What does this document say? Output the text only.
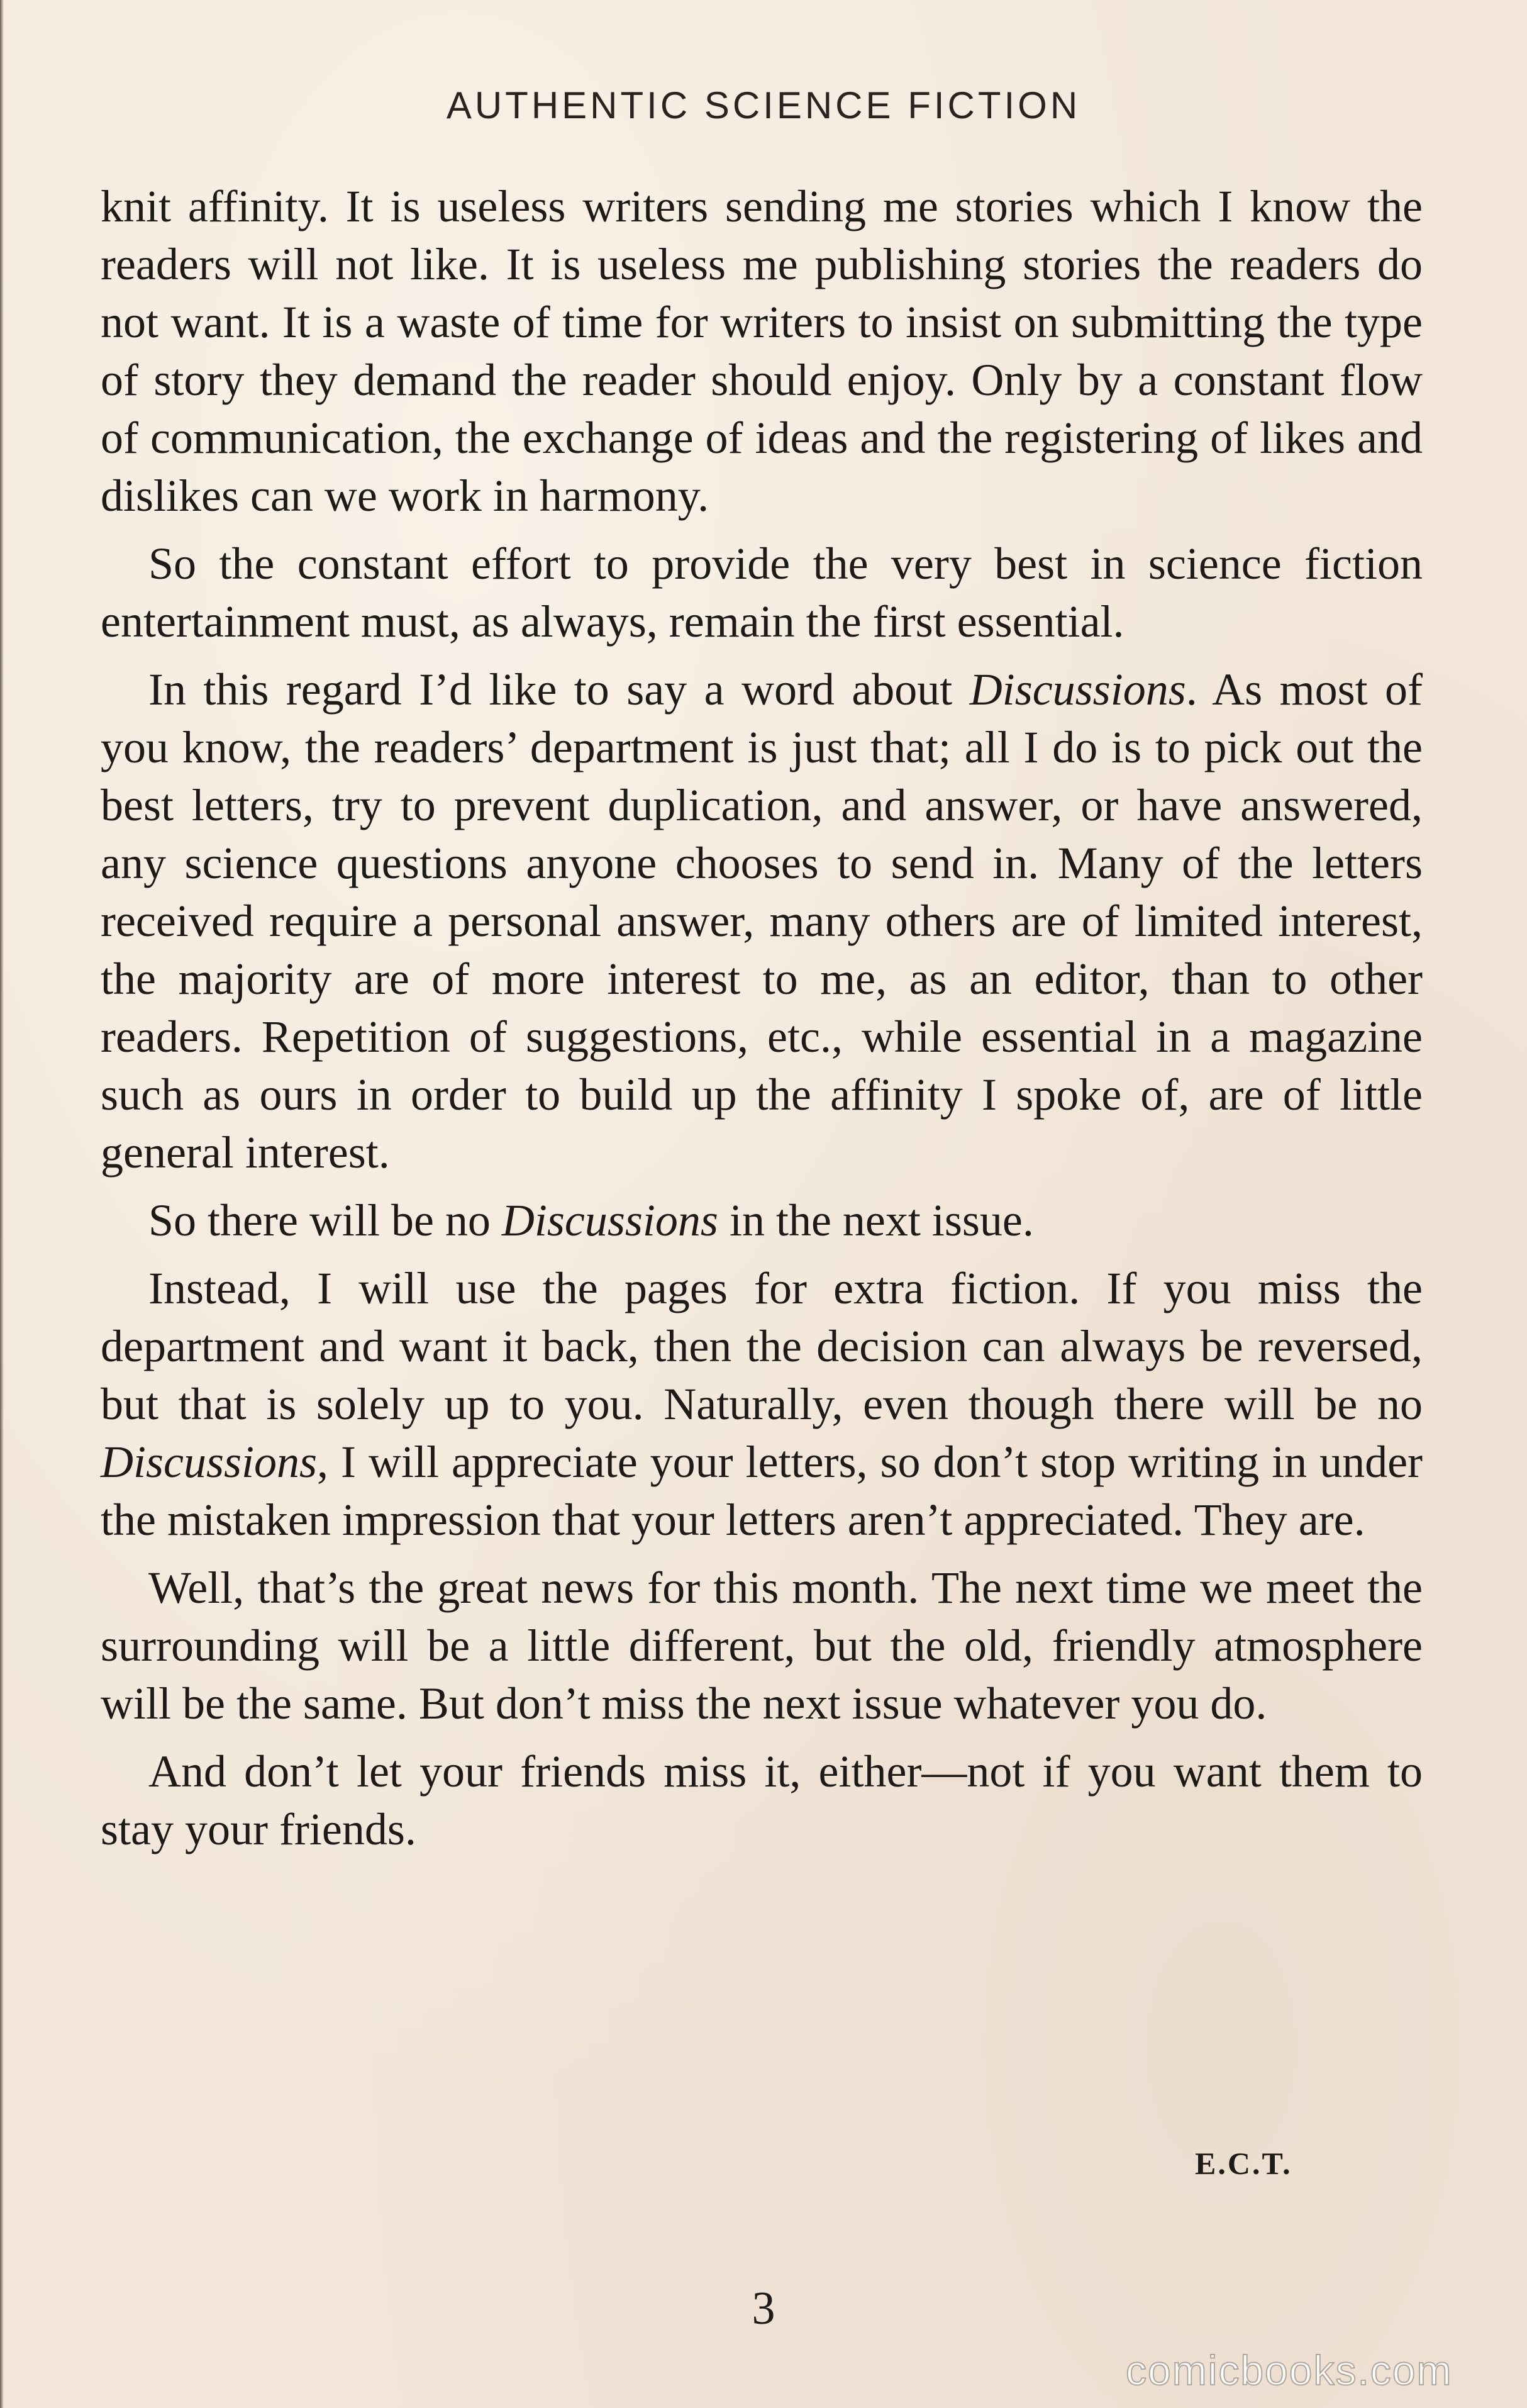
AUTHENTIC SCIENCE FICTION

knit affinity. It is useless writers sending me stories which I know the readers will not like. It is useless me publishing stories the readers do not want. It is a waste of time for writers to insist on submitting the type of story they demand the reader should enjoy. Only by a constant flow of communication, the exchange of ideas and the registering of likes and dislikes can we work in harmony.

So the constant effort to provide the very best in science fiction entertainment must, as always, remain the first essential.

In this regard I’d like to say a word about Discussions. As most of you know, the readers’ department is just that; all I do is to pick out the best letters, try to prevent duplication, and answer, or have answered, any science questions anyone chooses to send in. Many of the letters received require a personal answer, many others are of limited interest, the majority are of more interest to me, as an editor, than to other readers. Repetition of suggestions, etc., while essential in a magazine such as ours in order to build up the affinity I spoke of, are of little general interest.

So there will be no Discussions in the next issue.

Instead, I will use the pages for extra fiction. If you miss the department and want it back, then the decision can always be reversed, but that is solely up to you. Naturally, even though there will be no Discussions, I will appreciate your letters, so don’t stop writing in under the mistaken impression that your letters aren’t appreciated. They are.

Well, that’s the great news for this month. The next time we meet the surrounding will be a little different, but the old, friendly atmosphere will be the same. But don’t miss the next issue whatever you do.

And don’t let your friends miss it, either—not if you want them to stay your friends.

E.C.T.
3
comicbooks.com
